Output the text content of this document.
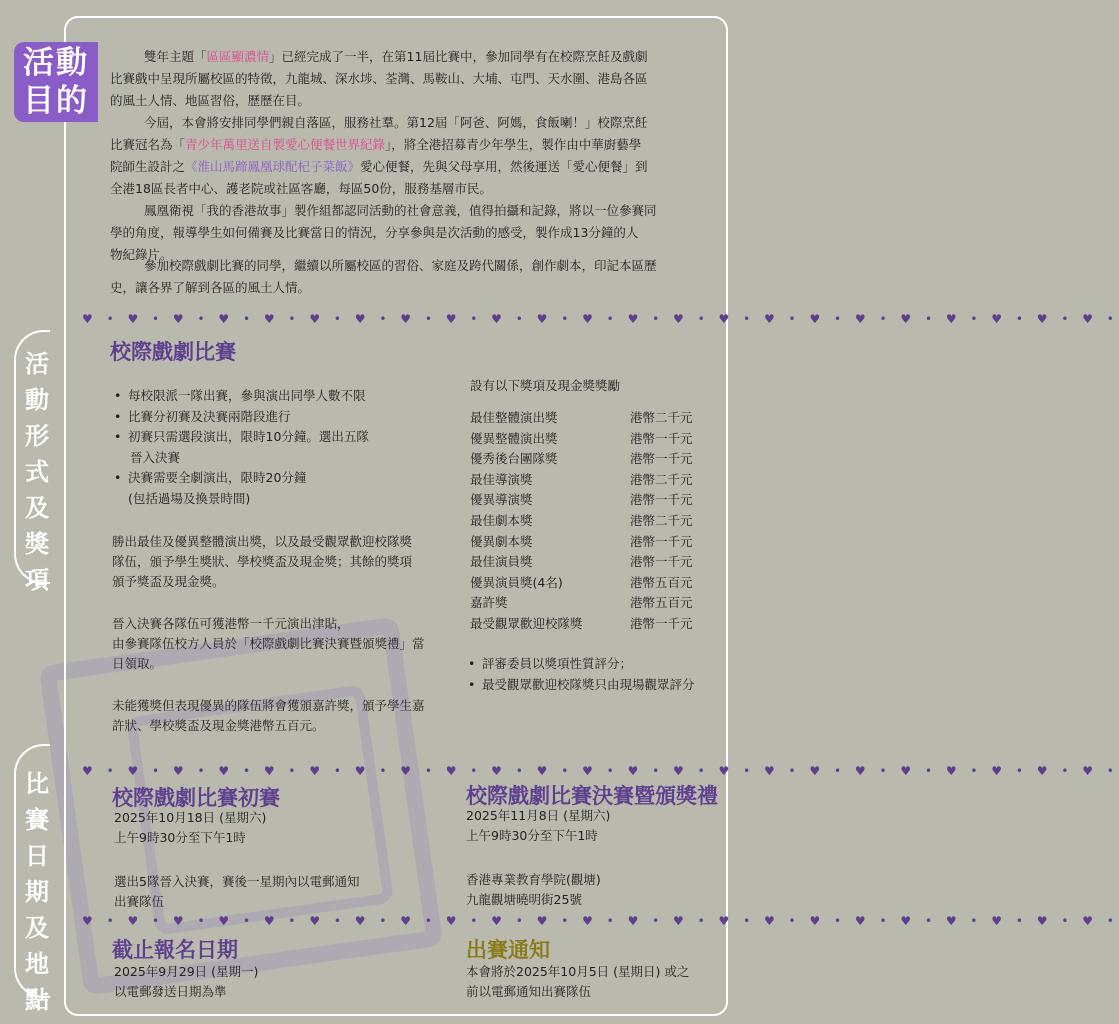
活動
目的
活
動
形
式
及
獎
項
比
賽
日
期
及
地
點

雙年主題「區區顯濃情」已經完成了一半，在第11屆比賽中，參加同學有在校際烹飪及戲劇
比賽戲中呈現所屬校區的特徵，九龍城、深水埗、荃灣、馬鞍山、大埔、屯門、天水圍、港島各區
的風土人情、地區習俗，歷歷在目。

今屆，本會將安排同學們親自落區，服務社羣。第12屆「阿爸、阿媽，食飯喇！」校際烹飪
比賽冠名為「青少年萬里送自製愛心便餐世界紀錄」，將全港招募青少年學生，製作由中華廚藝學
院師生設計之《淮山馬蹄鳳凰球配杞子菜飯》愛心便餐，先與父母享用，然後運送「愛心便餐」到
全港18區長者中心、護老院或社區客廳，每區50份，服務基層市民。

鳳凰衛視「我的香港故事」製作組都認同活動的社會意義，值得拍攝和記錄，將以一位參賽同
學的角度，報導學生如何備賽及比賽當日的情況，分享參與是次活動的感受，製作成13分鐘的人
物紀錄片。

參加校際戲劇比賽的同學，繼續以所屬校區的習俗、家庭及跨代關係，創作劇本，印記本區歷
史，讓各界了解到各區的風土人情。

♥ • ♥ • ♥ • ♥ • ♥ • ♥ • ♥ • ♥ • ♥ • ♥ • ♥ • ♥ • ♥ • ♥ • ♥ • ♥ • ♥ • ♥ • ♥ • ♥ • ♥ • ♥ • ♥ •
校際戲劇比賽
• 每校限派一隊出賽，參與演出同學人數不限
• 比賽分初賽及決賽兩階段進行
• 初賽只需選段演出，限時10分鐘。選出五隊
晉入決賽
• 決賽需要全劇演出，限時20分鐘
(包括過場及換景時間)
勝出最佳及優異整體演出獎，以及最受觀眾歡迎校隊獎
隊伍，頒予學生獎狀、學校獎盃及現金獎；其餘的獎項
頒予獎盃及現金獎。
晉入決賽各隊伍可獲港幣一千元演出津貼，
由參賽隊伍校方人員於「校際戲劇比賽決賽暨頒獎禮」當
日領取。
未能獲獎但表現優異的隊伍將會獲頒嘉許獎，頒予學生嘉
許狀、學校獎盃及現金獎港幣五百元。
設有以下獎項及現金獎獎勵
最佳整體演出獎	港幣二千元
優異整體演出獎	港幣一千元
優秀後台團隊獎	港幣一千元
最佳導演獎	港幣二千元
優異導演獎	港幣一千元
最佳劇本獎	港幣二千元
優異劇本獎	港幣一千元
最佳演員獎	港幣一千元
優異演員獎(4名)	港幣五百元
嘉許獎	港幣五百元
最受觀眾歡迎校隊獎	港幣一千元
• 評審委員以獎項性質評分；
• 最受觀眾歡迎校隊獎只由現場觀眾評分
♥ • ♥ • ♥ • ♥ • ♥ • ♥ • ♥ • ♥ • ♥ • ♥ • ♥ • ♥ • ♥ • ♥ • ♥ • ♥ • ♥ • ♥ • ♥ • ♥ • ♥ • ♥ • ♥ •
校際戲劇比賽初賽
2025年10月18日 (星期六)
上午9時30分至下午1時
選出5隊晉入決賽，賽後一星期內以電郵通知
出賽隊伍
校際戲劇比賽決賽暨頒獎禮
2025年11月8日 (星期六)
上午9時30分至下午1時
香港專業教育學院(觀塘)
九龍觀塘曉明街25號
♥ • ♥ • ♥ • ♥ • ♥ • ♥ • ♥ • ♥ • ♥ • ♥ • ♥ • ♥ • ♥ • ♥ • ♥ • ♥ • ♥ • ♥ • ♥ • ♥ • ♥ • ♥ • ♥ •
截止報名日期
2025年9月29日 (星期一)
以電郵發送日期為準
出賽通知
本會將於2025年10月5日 (星期日) 或之
前以電郵通知出賽隊伍
